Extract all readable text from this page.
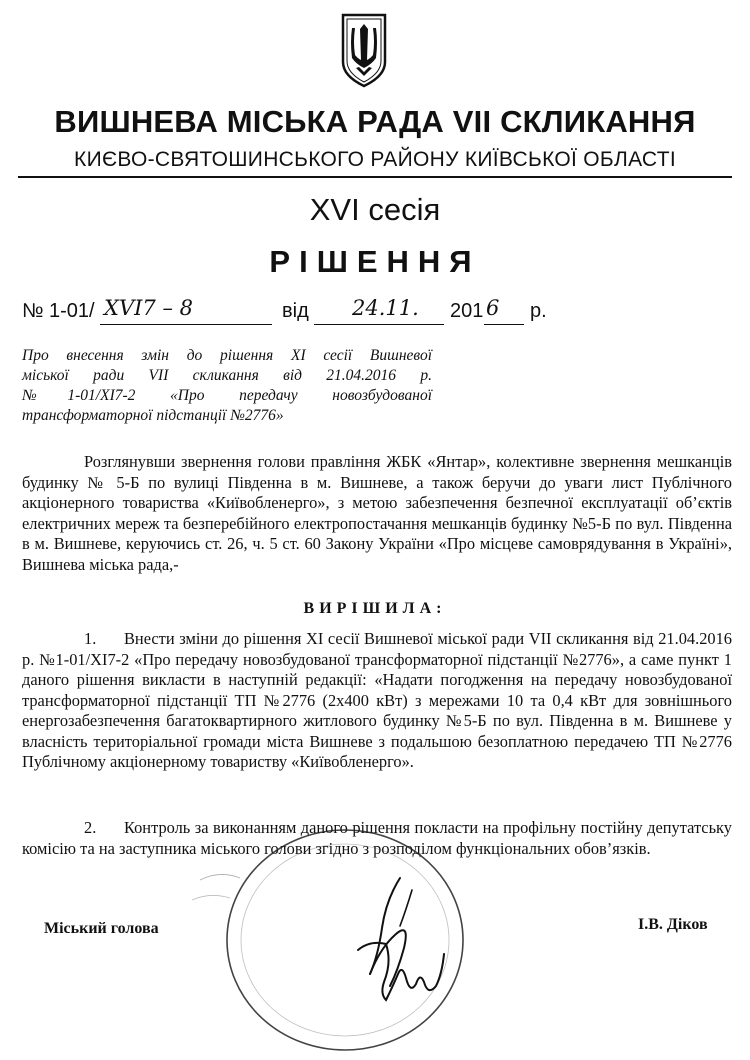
ВИШНЕВА МІСЬКА РАДА VII СКЛИКАННЯ
КИЄВО-СВЯТОШИНСЬКОГО РАЙОНУ КИЇВСЬКОЇ ОБЛАСТІ
XVI сесія
РІШЕННЯ
№ 1-01/ XVI7 – 8	від 24.11. 201 6 р.
Про внесення змін до рішення XI сесії Вишневої
міської ради VII скликання від 21.04.2016 р.
№1-01/XI7-2 «Про передачу новозбудованої
трансформаторної підстанції №2776»
Розглянувши звернення голови правління ЖБК «Янтар», колективне звернення мешканців будинку № 5-Б по вулиці Південна в м. Вишневе, а також беручи до уваги лист Публічного акціонерного товариства «Київобленерго», з метою забезпечення безпечної експлуатації об’єктів електричних мереж та безперебійного електропостачання мешканців будинку №5-Б по вул. Південна в м. Вишневе, керуючись ст. 26, ч. 5 ст. 60 Закону України «Про місцеве самоврядування в Україні», Вишнева міська рада,-
ВИРІШИЛА:
1. Внести зміни до рішення XI сесії Вишневої міської ради VII скликання від 21.04.2016 р. №1-01/XI7-2 «Про передачу новозбудованої трансформаторної підстанції №2776», а саме пункт 1 даного рішення викласти в наступній редакції: «Надати погодження на передачу новозбудованої трансформаторної підстанції ТП №2776 (2х400 кВт) з мережами 10 та 0,4 кВт для зовнішнього енергозабезпечення багатоквартирного житлового будинку №5-Б по вул. Південна в м. Вишневе у власність територіальної громади міста Вишневе з подальшою безоплатною передачею ТП №2776 Публічному акціонерному товариству «Київобленерго».
2. Контроль за виконанням даного рішення покласти на профільну постійну депутатську комісію та на заступника міського голови згідно з розподілом функціональних обов’язків.
Міський голова	І.В. Діков
